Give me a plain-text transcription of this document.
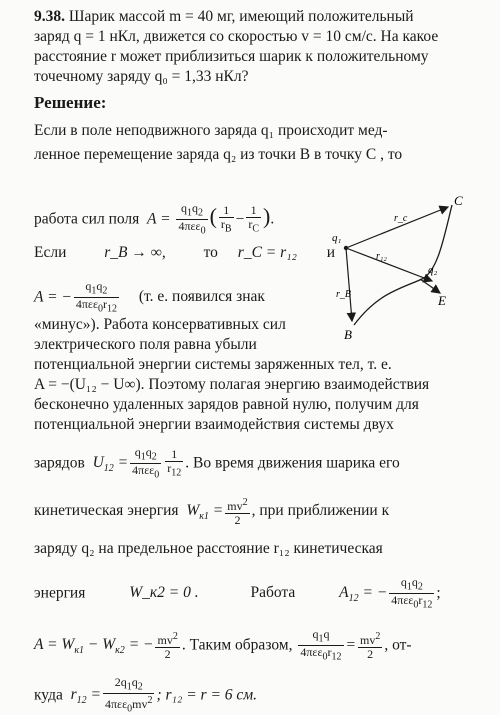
9.38. Шарик массой m = 40 мг, имеющий положительный
заряд q = 1 нКл, движется со скоростью v = 10 см/с. На какое
расстояние r может приблизиться шарик к положительному
точечному заряду q₀ = 1,33 нКл?
Решение:
Если в поле неподвижного заряда q₁ происходит мед-
ленное перемещение заряда q₂ из точки B в точку C , то
работа сил поля  $A = \frac{q_1q_2}{4\pi\varepsilon\varepsilon_0}$ ( $\frac{1}{r_B} - \frac{1}{r_C}$ ).
Если r_B → ∞, то r_C = r₁₂ и
A = − $\frac{q_1q_2}{4\pi\varepsilon\varepsilon_0r_{12}} (т$. е. появился знак
«минус»). Работа консервативных сил
электрического поля равна убыли
потенциальной энергии системы заряженных тел, т. е.
A = −(U₁₂ − U∞). Поэтому полагая энергию взаимодействия
бесконечно удаленных зарядов равной нулю, получим для
потенциальной энергии взаимодействия системы двух
зарядов  $U_{12} = \frac{q_1q_2}{4\pi\varepsilon\varepsilon_0} \frac{1}{r_{12}}$ . Во время движения шарика его
кинетическая энергия  $W_{к1} = \frac{mv^2}{2}$ , при приближении к
заряду q₂ на предельное расстояние r₁₂ кинетическая
энергия	W_к2 = 0 .	Работа	$A_{12}$ = − $\frac{q_1q_2}{4\pi\varepsilon\varepsilon_0r_{12}}$ ;
$A = W_{к1} - W_{к2}$ = − $\frac{mv^2}{2}$ . Таким образом, $\frac{q_1q}{4\pi\varepsilon\varepsilon_0r_{12}} = \frac{mv^2}{2}$ , от-
куда  $r_{12} = \frac{2q_1q_2}{4\pi\varepsilon\varepsilon_0mv^2}$ ; r₁₂ = r = 6 см.
C
r_c
q₁
r₁₂
q₂
r_B	E
B
